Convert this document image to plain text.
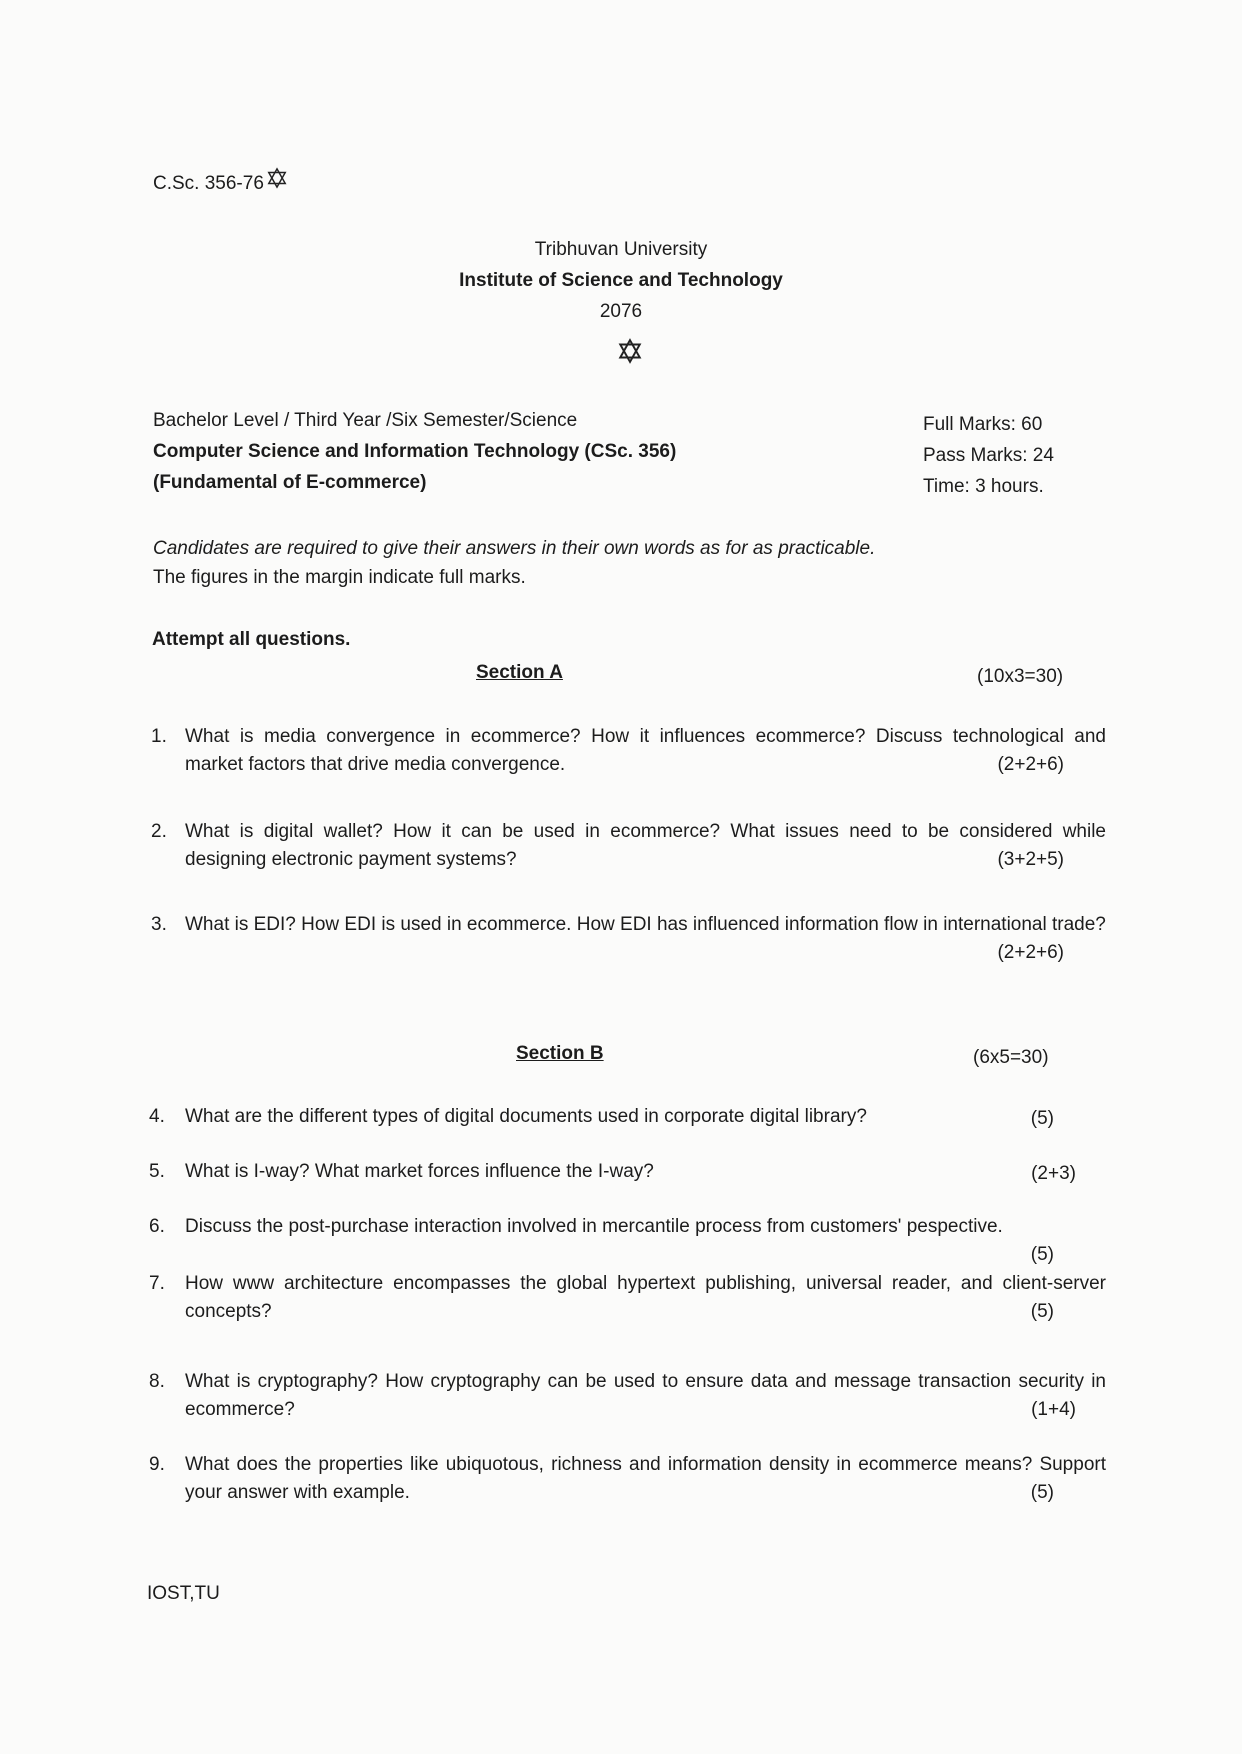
C.Sc. 356-76
Tribhuvan University
Institute of Science and Technology
2076
Bachelor Level / Third Year /Six Semester/Science
Computer Science and Information Technology (CSc. 356)
(Fundamental of E-commerce)
Full Marks: 60
Pass Marks: 24
Time: 3 hours.
Candidates are required to give their answers in their own words as for as practicable.
The figures in the margin indicate full marks.
Attempt all questions.
Section A	(10x3=30)
1. What is media convergence in ecommerce? How it influences ecommerce? Discuss technological and market factors that drive media convergence.	(2+2+6)
2. What is digital wallet? How it can be used in ecommerce? What issues need to be considered while designing electronic payment systems?	(3+2+5)
3. What is EDI? How EDI is used in ecommerce. How EDI has influenced information flow in international trade?
(2+2+6)
Section B	(6x5=30)
4.	What are the different types of digital documents used in corporate digital library?	(5)
5.	What is I-way? What market forces influence the I-way?	(2+3)
6.	Discuss the post-purchase interaction involved in mercantile process from customers' pespective.
(5)
7.	How www architecture encompasses the global hypertext publishing, universal reader, and client-server concepts?	(5)
8.	What is cryptography? How cryptography can be used to ensure data and message transaction security in ecommerce?	(1+4)
9.	What does the properties like ubiquotous, richness and information density in ecommerce means? Support your answer with example.	(5)
IOST,TU
